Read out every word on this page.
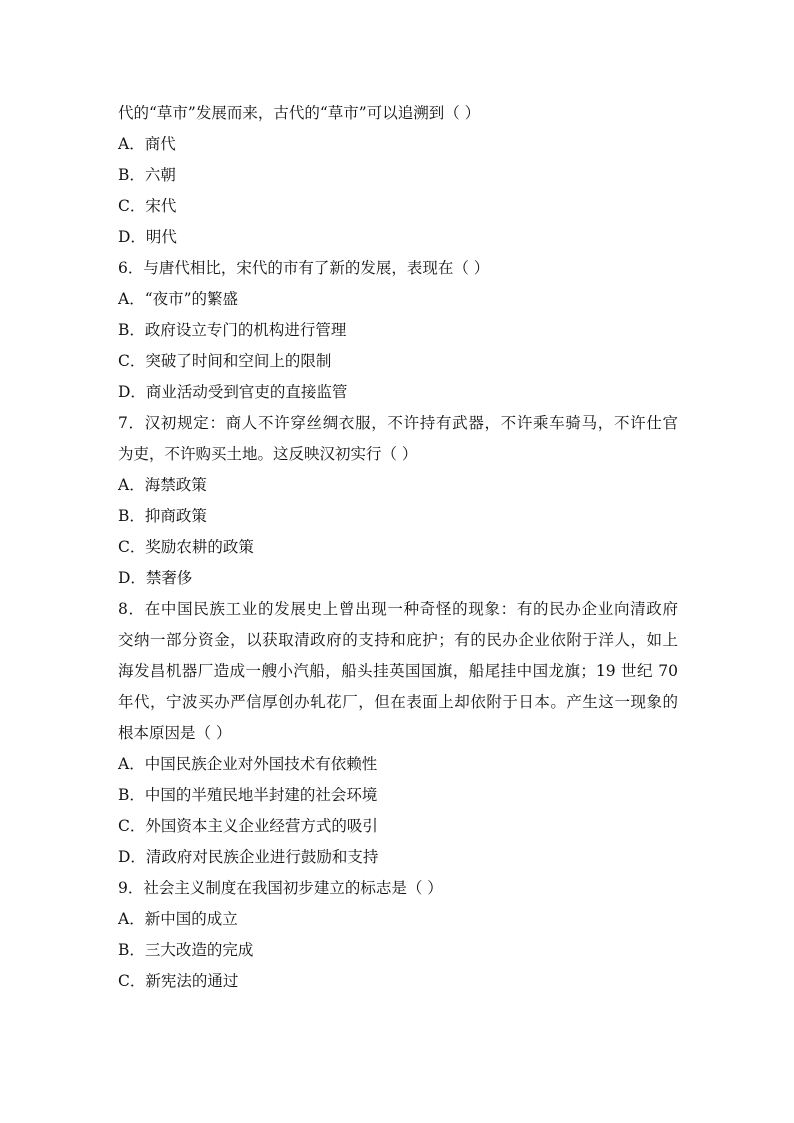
代的“草市”发展而来，古代的“草市”可以追溯到（ ）
A．商代
B．六朝
C．宋代
D．明代
6．与唐代相比，宋代的市有了新的发展，表现在（ ）
A．“夜市”的繁盛
B．政府设立专门的机构进行管理
C．突破了时间和空间上的限制
D．商业活动受到官吏的直接监管
7．汉初规定：商人不许穿丝绸衣服，不许持有武器，不许乘车骑马，不许仕官
为吏，不许购买土地。这反映汉初实行（ ）
A．海禁政策
B．抑商政策
C．奖励农耕的政策
D．禁奢侈
8．在中国民族工业的发展史上曾出现一种奇怪的现象：有的民办企业向清政府
交纳一部分资金，以获取清政府的支持和庇护；有的民办企业依附于洋人，如上
海发昌机器厂造成一艘小汽船，船头挂英国国旗，船尾挂中国龙旗；19 世纪 70
年代，宁波买办严信厚创办轧花厂，但在表面上却依附于日本。产生这一现象的
根本原因是（ ）
A．中国民族企业对外国技术有依赖性
B．中国的半殖民地半封建的社会环境
C．外国资本主义企业经营方式的吸引
D．清政府对民族企业进行鼓励和支持
9．社会主义制度在我国初步建立的标志是（ ）
A．新中国的成立
B．三大改造的完成
C．新宪法的通过
